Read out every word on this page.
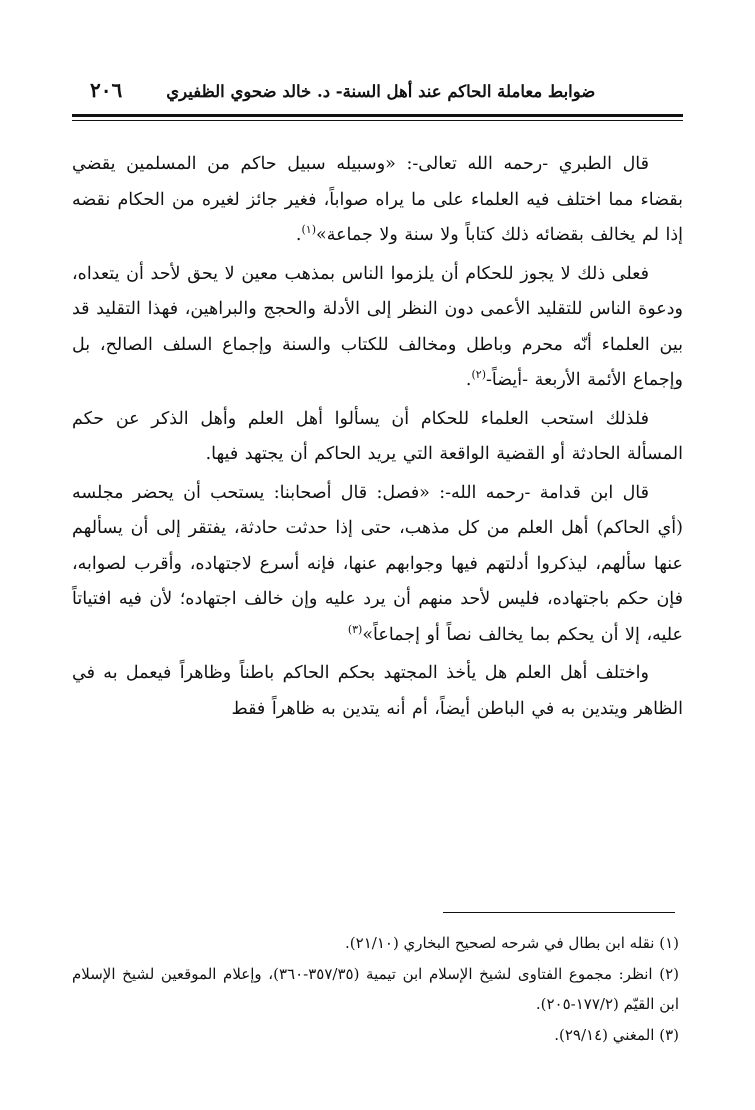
٢٠٦	ضوابط معاملة الحاكم عند أهل السنة- د. خالد ضحوي الظفيري

قال الطبري -رحمه الله تعالى-: «وسبيله سبيل حاكم من المسلمين يقضي بقضاء مما اختلف فيه العلماء على ما يراه صواباً، فغير جائز لغيره من الحكام نقضه إذا لم يخالف بقضائه ذلك كتاباً ولا سنة ولا جماعة»$^{(١)}$.

فعلى ذلك لا يجوز للحكام أن يلزموا الناس بمذهب معين لا يحق لأحد أن يتعداه، ودعوة الناس للتقليد الأعمى دون النظر إلى الأدلة والحجج والبراهين، فهذا التقليد قد بين العلماء أنّه محرم وباطل ومخالف للكتاب والسنة وإجماع السلف الصالح، بل وإجماع الأئمة الأربعة -أيضاً-$^{(٢)}$.

فلذلك استحب العلماء للحكام أن يسألوا أهل العلم وأهل الذكر عن حكم المسألة الحادثة أو القضية الواقعة التي يريد الحاكم أن يجتهد فيها.

قال ابن قدامة -رحمه الله-: «فصل: قال أصحابنا: يستحب أن يحضر مجلسه (أي الحاكم) أهل العلم من كل مذهب، حتى إذا حدثت حادثة، يفتقر إلى أن يسألهم عنها سألهم، ليذكروا أدلتهم فيها وجوابهم عنها، فإنه أسرع لاجتهاده، وأقرب لصوابه، فإن حكم باجتهاده، فليس لأحد منهم أن يرد عليه وإن خالف اجتهاده؛ لأن فيه افتياتاً عليه، إلا أن يحكم بما يخالف نصاً أو إجماعاً»$^{(٣)}$

واختلف أهل العلم هل يأخذ المجتهد بحكم الحاكم باطناً وظاهراً فيعمل به في الظاهر ويتدين به في الباطن أيضاً، أم أنه يتدين به ظاهراً فقط

(١) نقله ابن بطال في شرحه لصحيح البخاري (٢١/١٠).

(٢) انظر: مجموع الفتاوى لشيخ الإسلام ابن تيمية (٣٥٧/٣٥-٣٦٠)، وإعلام الموقعين لشيخ الإسلام ابن القيّم (١٧٧/٢-٢٠٥).

(٣) المغني (٢٩/١٤).
